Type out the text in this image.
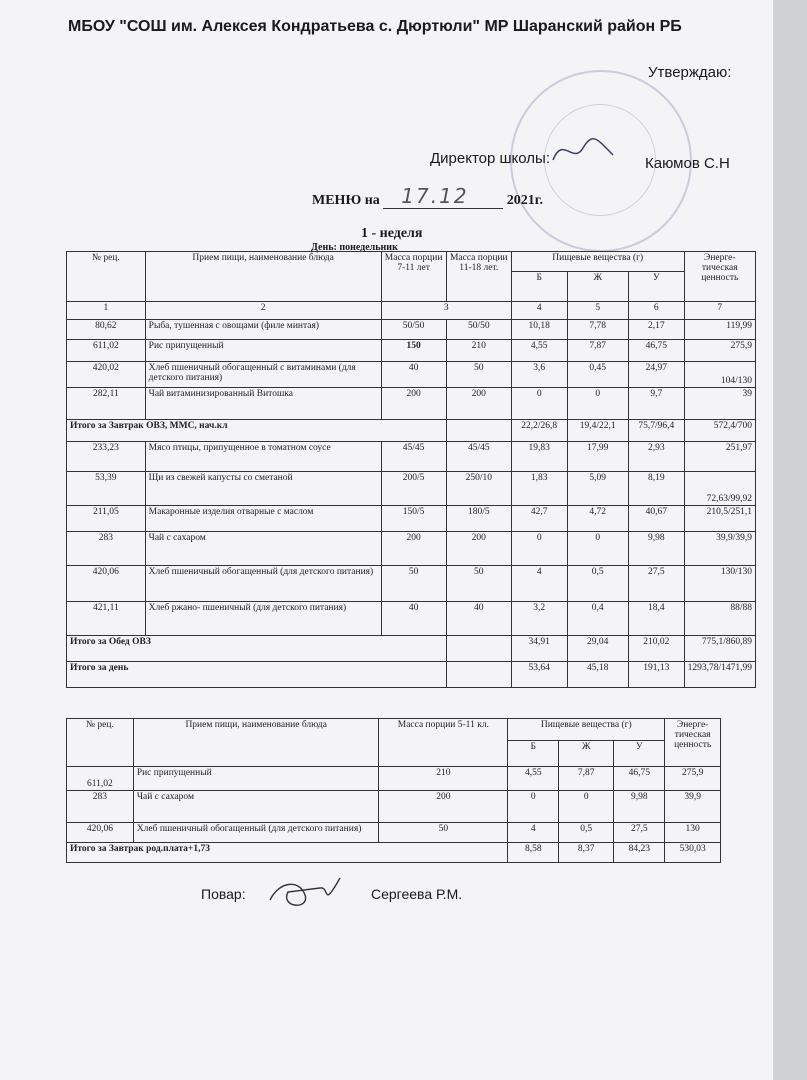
МБОУ "СОШ им. Алексея Кондратьева с. Дюртюли" МР Шаранский район РБ
Утверждаю:
Директор школы:	Каюмов С.Н
МЕНЮ на 17.12	2021г.
1 - неделя
День: понедельник
№ рец.	Прием пищи, наименование блюда	Масса порции 7-11 лет	Масса порции 11-18 лет.	Пищевые вещества (г)			Энерге-тическая ценность
				Б	Ж	У	
1	2	3		4	5	6	7
80,62	Рыба, тушенная с овощами (филе минтая)	50/50	50/50	10,18	7,78	2,17	119,99
611,02	Рис припущенный	150	210	4,55	7,87	46,75	275,9
420,02	Хлеб пшеничный обогащенный с витаминами (для детского питания)	40	50	3,6	0,45	24,97	104/130
282,11	Чай витаминизированный Витошка	200	200	0	0	9,7	39
Итого за Завтрак ОВЗ, ММС, нач.кл				22,2/26,8	19,4/22,1	75,7/96,4	572,4/700
233,23	Мясо птицы, припущенное в томатном соусе	45/45	45/45	19,83	17,99	2,93	251,97
53,39	Щи из свежей капусты со сметаной	200/5	250/10	1,83	5,09	8,19	72,63/99,92
211,05	Макаронные изделия отварные с маслом	150/5	180/5	42,7	4,72	40,67	210,5/251,1
283	Чай с сахаром	200	200	0	0	9,98	39,9/39,9
420,06	Хлеб пшеничный обогащенный (для детского питания)	50	50	4	0,5	27,5	130/130
421,11	Хлеб ржано- пшеничный (для детского питания)	40	40	3,2	0,4	18,4	88/88
Итого за Обед ОВЗ				34,91	29,04	210,02	775,1/860,89
Итого за день				53,64	45,18	191,13	1293,78/1471,99
№ рец.	Прием пищи, наименование блюда	Масса порции 5-11 кл.	Пищевые вещества (г)			Энерге-тическая ценность
			Б	Ж	У	
611,02	Рис припущенный	210	4,55	7,87	46,75	275,9
283	Чай с сахаром	200	0	0	9,98	39,9
420,06	Хлеб пшеничный обогащенный (для детского питания)	50	4	0,5	27,5	130
Итого за Завтрак род.плата+1,73			8,58	8,37	84,23	530,03
Повар:	Сергеева Р.М.
